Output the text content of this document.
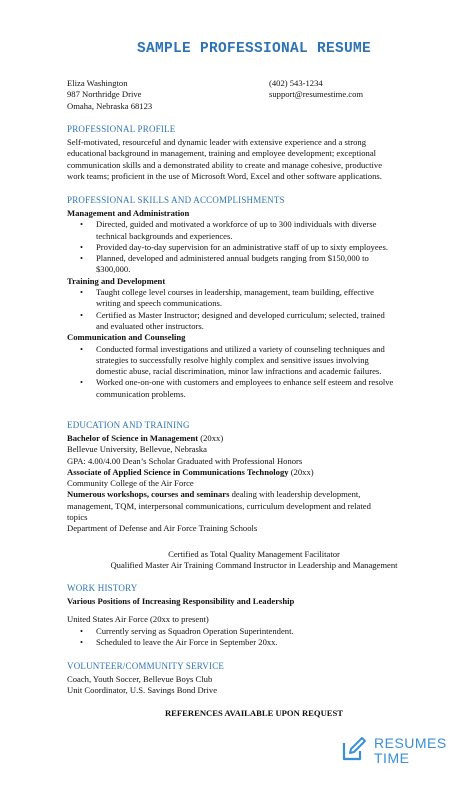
SAMPLE PROFESSIONAL RESUME
Eliza Washington
987 Northridge Drive
Omaha, Nebraska 68123
(402) 543-1234
support@resumestime.com
PROFESSIONAL PROFILE
Self-motivated, resourceful and dynamic leader with extensive experience and a strong
educational background in management, training and employee development; exceptional
communication skills and a demonstrated ability to create and manage cohesive, productive
work teams; proficient in the use of Microsoft Word, Excel and other software applications.
PROFESSIONAL SKILLS AND ACCOMPLISHMENTS
Management and Administration
• Directed, guided and motivated a workforce of up to 300 individuals with diverse
technical backgrounds and experiences.
• Provided day-to-day supervision for an administrative staff of up to sixty employees.
• Planned, developed and administered annual budgets ranging from $150,000 to
$300,000.
Training and Development
• Taught college level courses in leadership, management, team building, effective
writing and speech communications.
• Certified as Master Instructor; designed and developed curriculum; selected, trained
and evaluated other instructors.
Communication and Counseling
• Conducted formal investigations and utilized a variety of counseling techniques and
strategies to successfully resolve highly complex and sensitive issues involving
domestic abuse, racial discrimination, minor law infractions and academic failures.
• Worked one-on-one with customers and employees to enhance self esteem and resolve
communication problems.
EDUCATION AND TRAINING
Bachelor of Science in Management (20xx)
Bellevue University, Bellevue, Nebraska
GPA: 4.00/4.00 Dean’s Scholar Graduated with Professional Honors
Associate of Applied Science in Communications Technology (20xx)
Community College of the Air Force
Numerous workshops, courses and seminars dealing with leadership development,
management, TQM, interpersonal communications, curriculum development and related
topics
Department of Defense and Air Force Training Schools
Certified as Total Quality Management Facilitator
Qualified Master Air Training Command Instructor in Leadership and Management
WORK HISTORY
Various Positions of Increasing Responsibility and Leadership
United States Air Force (20xx to present)
• Currently serving as Squadron Operation Superintendent.
• Scheduled to leave the Air Force in September 20xx.
VOLUNTEER/COMMUNITY SERVICE
Coach, Youth Soccer, Bellevue Boys Club
Unit Coordinator, U.S. Savings Bond Drive
REFERENCES AVAILABLE UPON REQUEST
RESUMES
TIME
